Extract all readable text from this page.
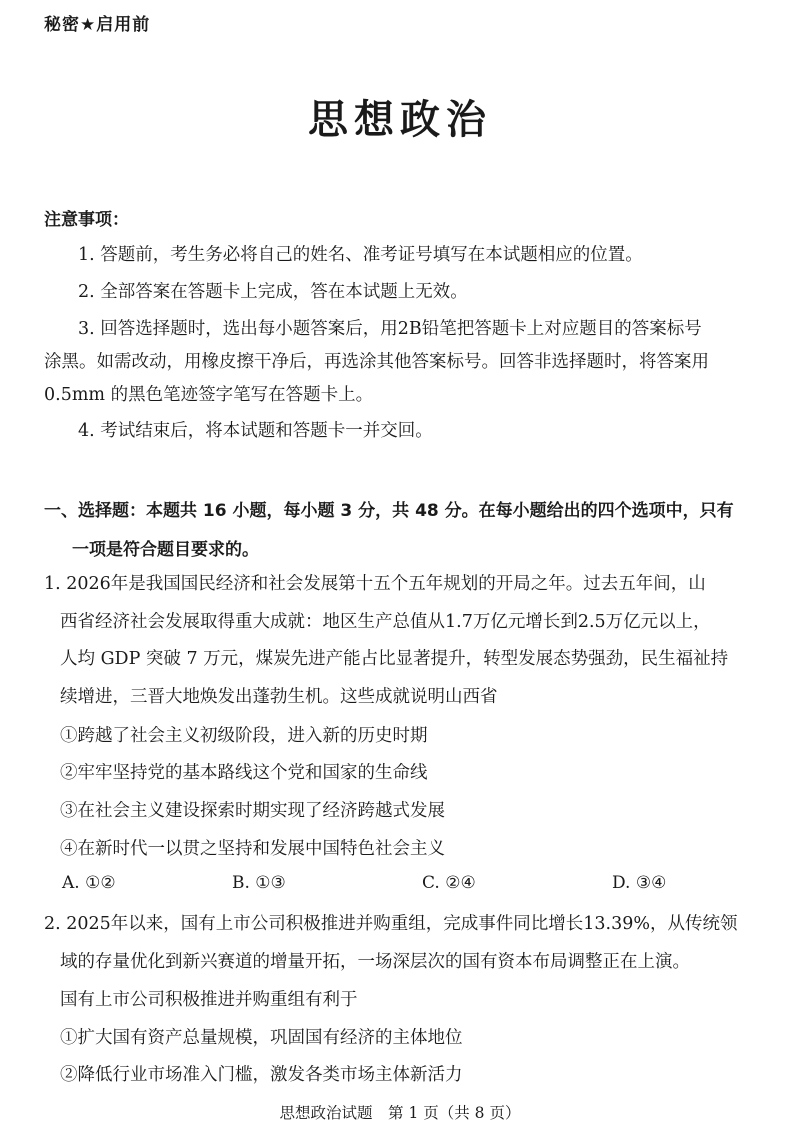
秘密★启用前
思想政治
注意事项：
1. 答题前，考生务必将自己的姓名、准考证号填写在本试题相应的位置。
2. 全部答案在答题卡上完成，答在本试题上无效。
3. 回答选择题时，选出每小题答案后，用2B铅笔把答题卡上对应题目的答案标号
涂黑。如需改动，用橡皮擦干净后，再选涂其他答案标号。回答非选择题时，将答案用
0.5mm 的黑色笔迹签字笔写在答题卡上。
4. 考试结束后，将本试题和答题卡一并交回。
一、选择题：本题共 16 小题，每小题 3 分，共 48 分。在每小题给出的四个选项中，只有
一项是符合题目要求的。
1. 2026年是我国国民经济和社会发展第十五个五年规划的开局之年。过去五年间，山
西省经济社会发展取得重大成就：地区生产总值从1.7万亿元增长到2.5万亿元以上，
人均 GDP 突破 7 万元，煤炭先进产能占比显著提升，转型发展态势强劲，民生福祉持
续增进，三晋大地焕发出蓬勃生机。这些成就说明山西省
①跨越了社会主义初级阶段，进入新的历史时期
②牢牢坚持党的基本路线这个党和国家的生命线
③在社会主义建设探索时期实现了经济跨越式发展
④在新时代一以贯之坚持和发展中国特色社会主义
A. ①②	B. ①③	C. ②④	D. ③④
2. 2025年以来，国有上市公司积极推进并购重组，完成事件同比增长13.39%，从传统领
域的存量优化到新兴赛道的增量开拓，一场深层次的国有资本布局调整正在上演。
国有上市公司积极推进并购重组有利于
①扩大国有资产总量规模，巩固国有经济的主体地位
②降低行业市场准入门槛，激发各类市场主体新活力
思想政治试题　第 1 页（共 8 页）
